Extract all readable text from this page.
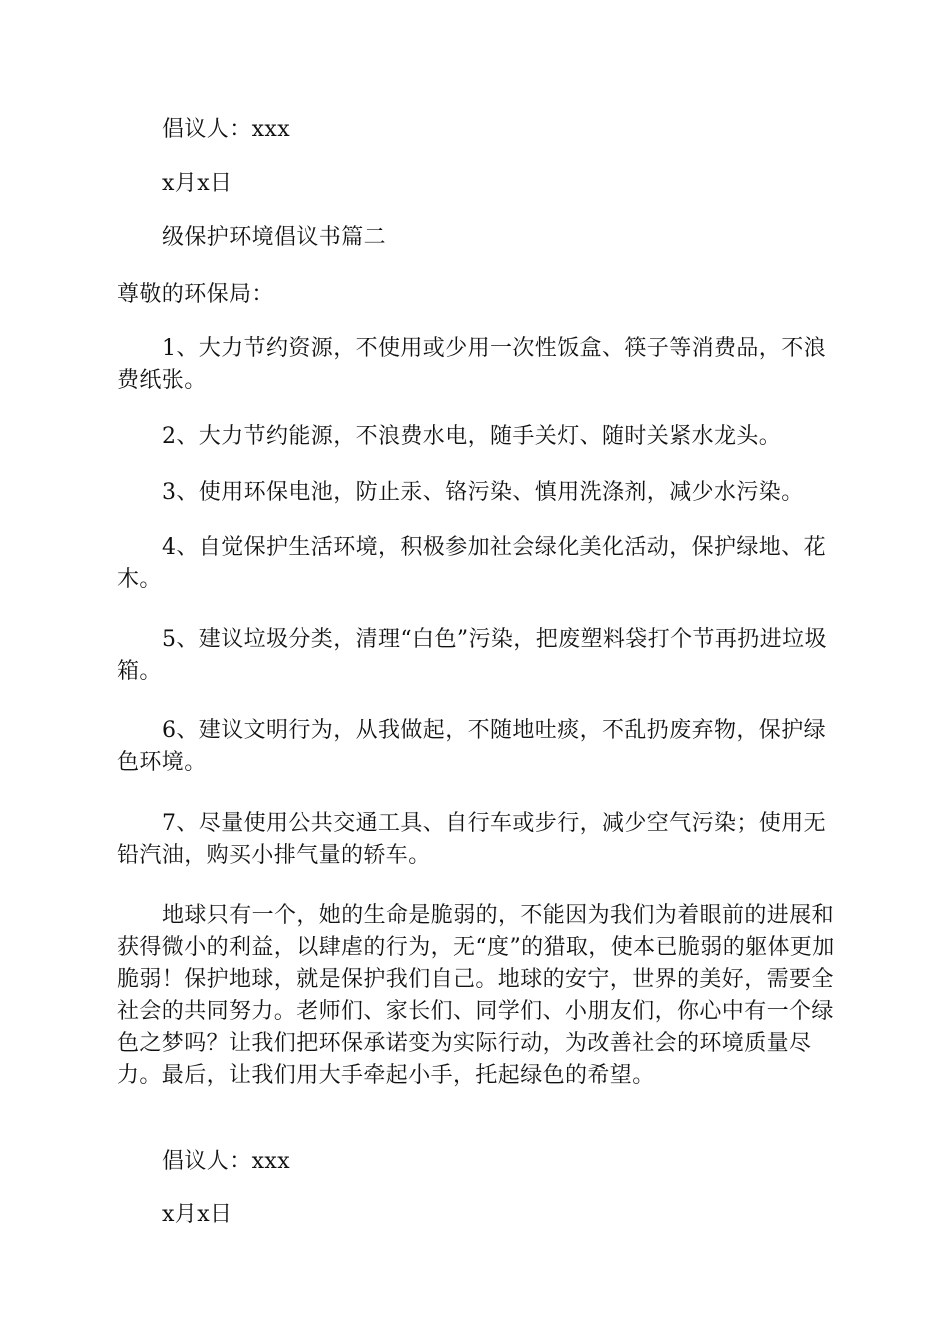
倡议人：xxx

x月x日

级保护环境倡议书篇二

尊敬的环保局：

1、大力节约资源，不使用或少用一次性饭盒、筷子等消费品，不浪费纸张。

2、大力节约能源，不浪费水电，随手关灯、随时关紧水龙头。

3、使用环保电池，防止汞、铬污染、慎用洗涤剂，减少水污染。

4、自觉保护生活环境，积极参加社会绿化美化活动，保护绿地、花木。

5、建议垃圾分类，清理“白色”污染，把废塑料袋打个节再扔进垃圾箱。

6、建议文明行为，从我做起，不随地吐痰，不乱扔废弃物，保护绿色环境。

7、尽量使用公共交通工具、自行车或步行，减少空气污染；使用无铅汽油，购买小排气量的轿车。

地球只有一个，她的生命是脆弱的，不能因为我们为着眼前的进展和获得微小的利益，以肆虐的行为，无“度”的猎取，使本已脆弱的躯体更加脆弱！保护地球，就是保护我们自己。地球的安宁，世界的美好，需要全社会的共同努力。老师们、家长们、同学们、小朋友们，你心中有一个绿色之梦吗？让我们把环保承诺变为实际行动，为改善社会的环境质量尽力。最后，让我们用大手牵起小手，托起绿色的希望。

倡议人：xxx

x月x日
